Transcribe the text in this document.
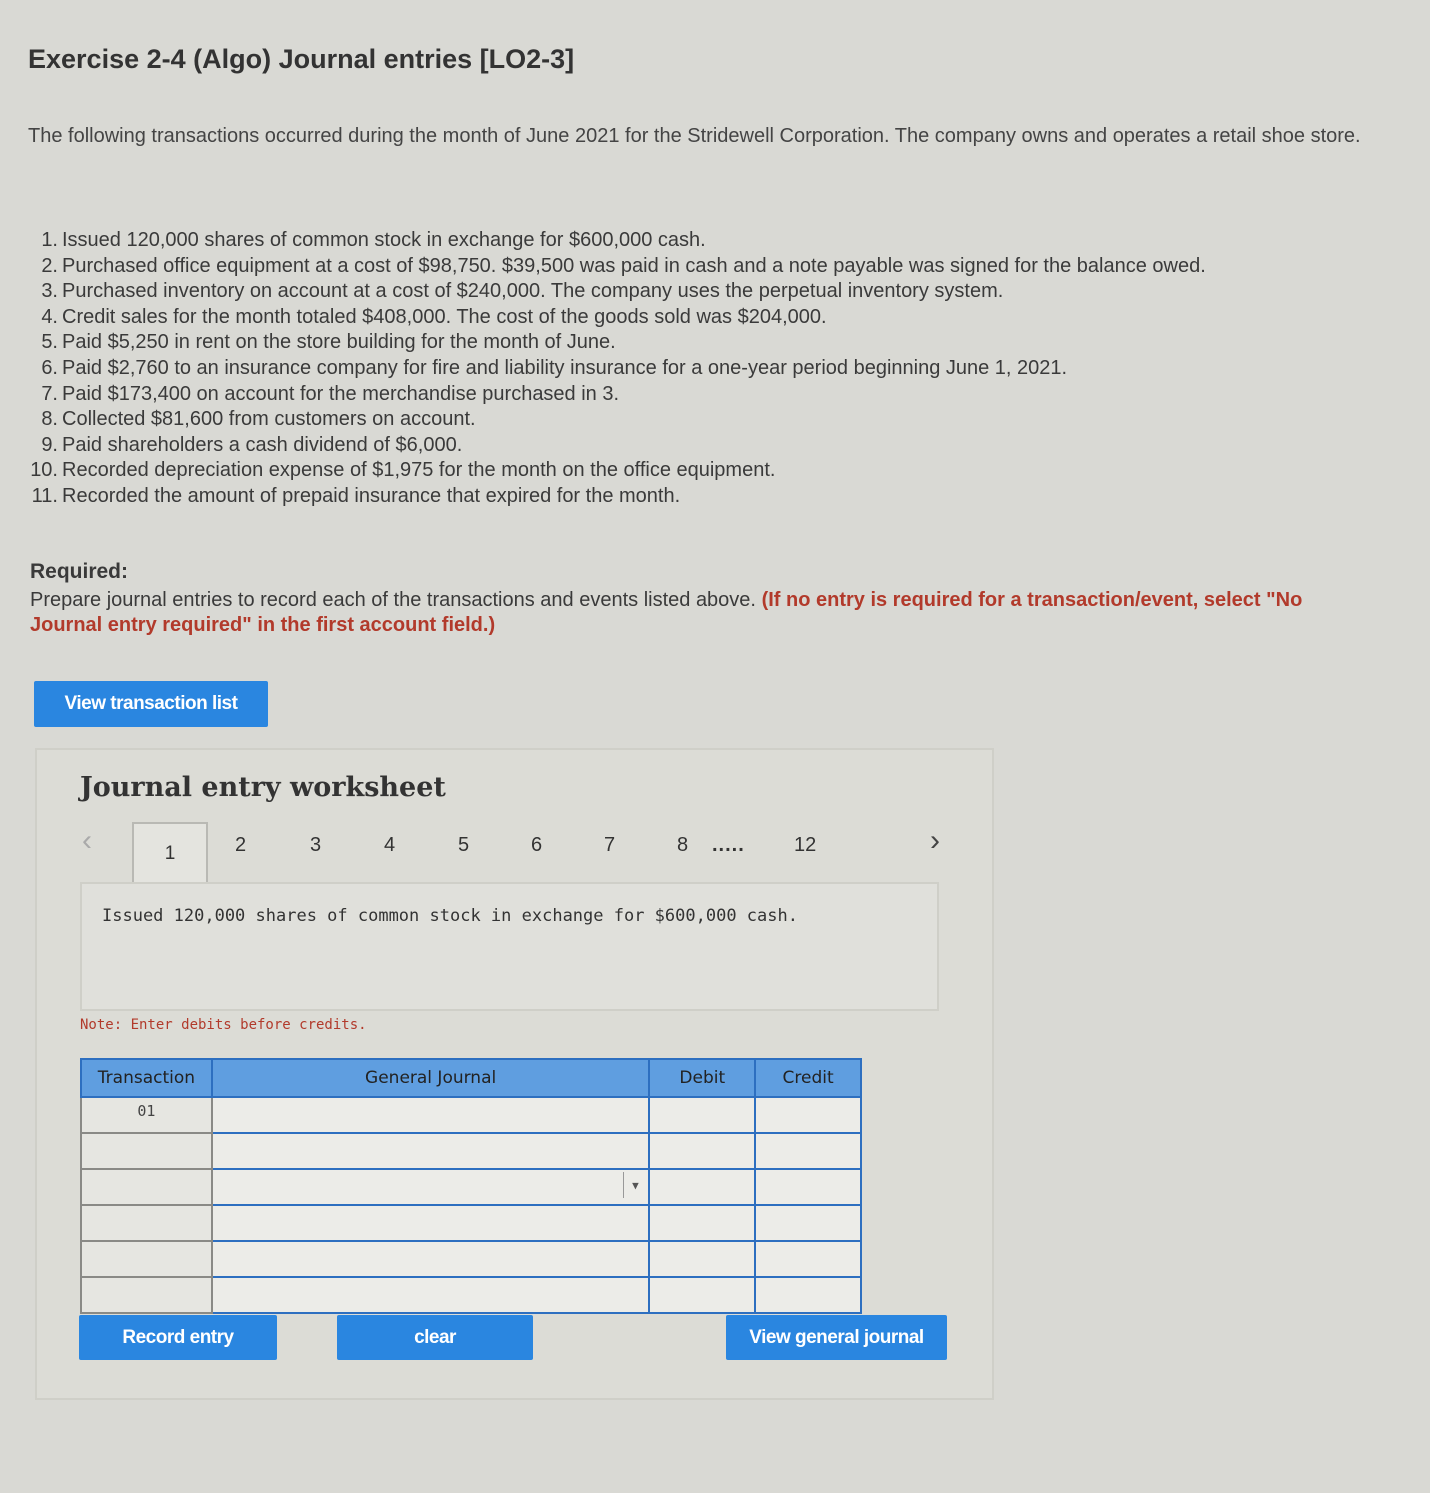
Exercise 2-4 (Algo) Journal entries [LO2-3]
The following transactions occurred during the month of June 2021 for the Stridewell Corporation. The company owns and operates a retail shoe store.
1. Issued 120,000 shares of common stock in exchange for $600,000 cash.
2. Purchased office equipment at a cost of $98,750. $39,500 was paid in cash and a note payable was signed for the balance owed.
3. Purchased inventory on account at a cost of $240,000. The company uses the perpetual inventory system.
4. Credit sales for the month totaled $408,000. The cost of the goods sold was $204,000.
5. Paid $5,250 in rent on the store building for the month of June.
6. Paid $2,760 to an insurance company for fire and liability insurance for a one-year period beginning June 1, 2021.
7. Paid $173,400 on account for the merchandise purchased in 3.
8. Collected $81,600 from customers on account.
9. Paid shareholders a cash dividend of $6,000.
10. Recorded depreciation expense of $1,975 for the month on the office equipment.
11. Recorded the amount of prepaid insurance that expired for the month.
Required:
Prepare journal entries to record each of the transactions and events listed above. (If no entry is required for a transaction/event, select "No Journal entry required" in the first account field.)
View transaction list
Journal entry worksheet
‹	1	2	3	4	5	6	7	8 ..... 12	›
Issued 120,000 shares of common stock in exchange for $600,000 cash.
Note: Enter debits before credits.
Transaction	General Journal	Debit	Credit
01			

▼		

Record entry	clear	View general journal
